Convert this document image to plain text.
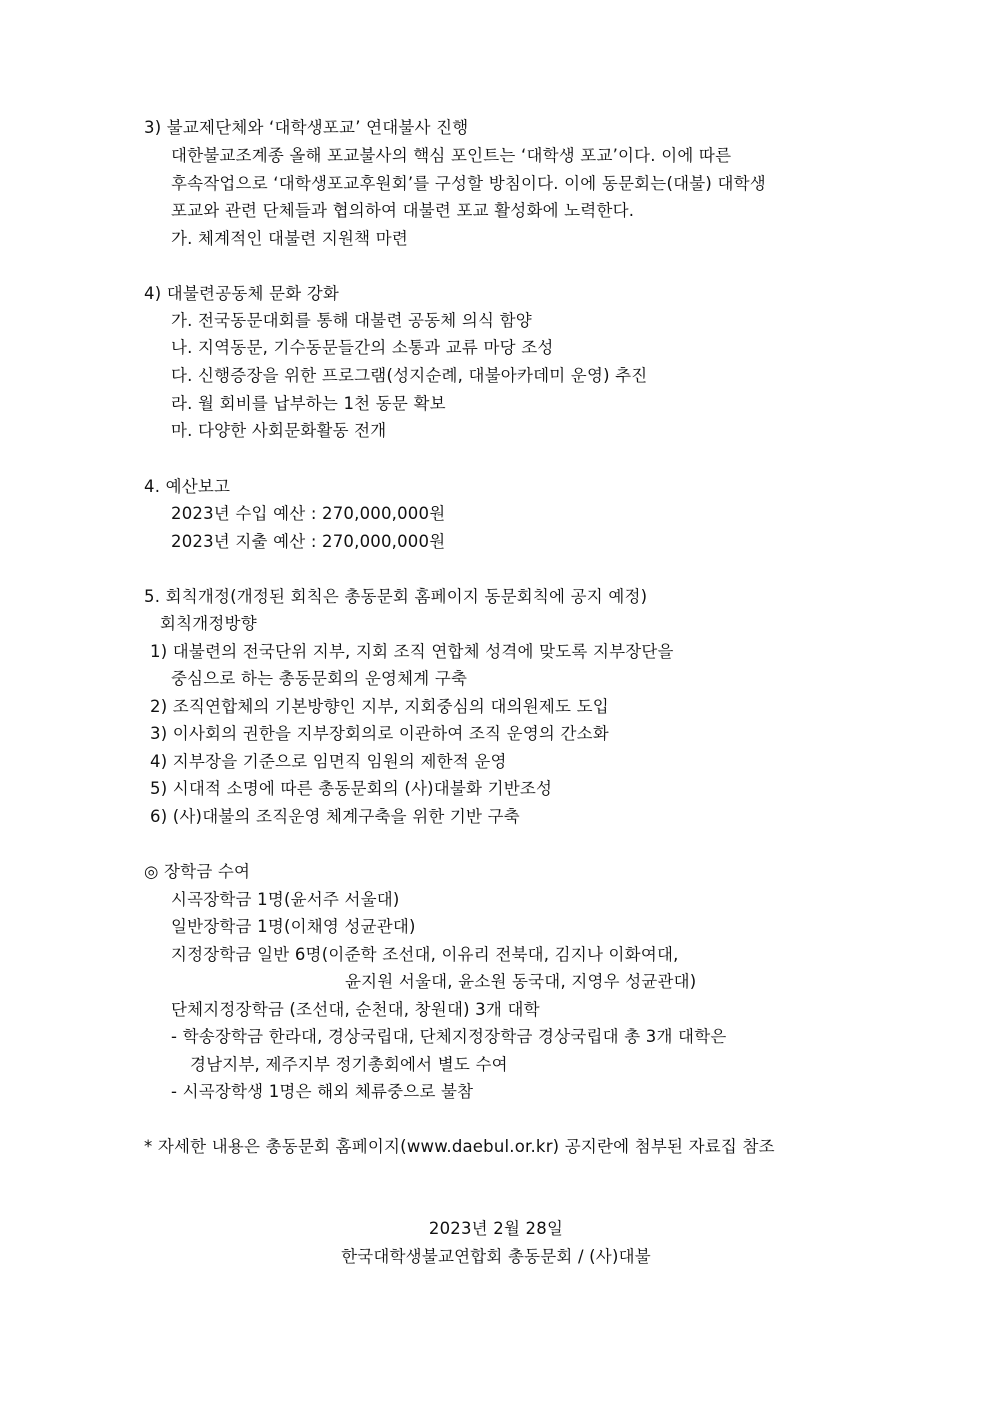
3) 불교제단체와 ‘대학생포교’ 연대불사 진행
대한불교조계종 올해 포교불사의 핵심 포인트는 ‘대학생 포교’이다. 이에 따른
후속작업으로 ‘대학생포교후원회’를 구성할 방침이다. 이에 동문회는(대불) 대학생
포교와 관련 단체들과 협의하여 대불련 포교 활성화에 노력한다.
가. 체계적인 대불련 지원책 마련
4) 대불련공동체 문화 강화
가. 전국동문대회를 통해 대불련 공동체 의식 함양
나. 지역동문, 기수동문들간의 소통과 교류 마당 조성
다. 신행증장을 위한 프로그램(성지순례, 대불아카데미 운영) 추진
라. 월 회비를 납부하는 1천 동문 확보
마. 다양한 사회문화활동 전개
4. 예산보고
2023년 수입 예산 : 270,000,000원
2023년 지출 예산 : 270,000,000원
5. 회칙개정(개정된 회칙은 총동문회 홈페이지 동문회칙에 공지 예정)
회칙개정방향
1) 대불련의 전국단위 지부, 지회 조직 연합체 성격에 맞도록 지부장단을
중심으로 하는 총동문회의 운영체계 구축
2) 조직연합체의 기본방향인 지부, 지회중심의 대의원제도 도입
3) 이사회의 권한을 지부장회의로 이관하여 조직 운영의 간소화
4) 지부장을 기준으로 임면직 임원의 제한적 운영
5) 시대적 소명에 따른 총동문회의 (사)대불화 기반조성
6) (사)대불의 조직운영 체계구축을 위한 기반 구축
◎ 장학금 수여
시곡장학금 1명(윤서주 서울대)
일반장학금 1명(이채영 성균관대)
지정장학금 일반 6명(이준학 조선대, 이유리 전북대, 김지나 이화여대,
윤지원 서울대, 윤소원 동국대, 지영우 성균관대)
단체지정장학금 (조선대, 순천대, 창원대) 3개 대학
- 학송장학금 한라대, 경상국립대, 단체지정장학금 경상국립대 총 3개 대학은
경남지부, 제주지부 정기총회에서 별도 수여
- 시곡장학생 1명은 해외 체류중으로 불참
* 자세한 내용은 총동문회 홈페이지(www.daebul.or.kr) 공지란에 첨부된 자료집 참조
2023년 2월 28일
한국대학생불교연합회 총동문회 / (사)대불
